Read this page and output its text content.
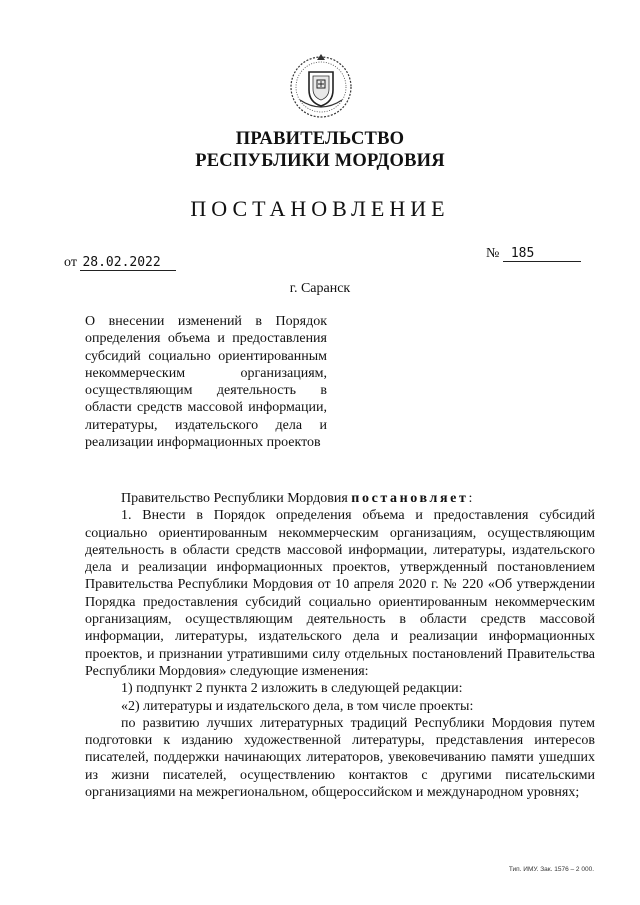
ПРАВИТЕЛЬСТВО
РЕСПУБЛИКИ МОРДОВИЯ
ПОСТАНОВЛЕНИЕ
от 28.02.2022
№ 185
г. Саранск
О внесении изменений в Порядок определения объема и предоставления субсидий социально ориентированным некоммерческим организациям, осуществляющим деятельность в области средств массовой информации, литературы, издательского дела и реализации информационных проектов

Правительство Республики Мордовия постановляет:

1. Внести в Порядок определения объема и предоставления субсидий социально ориентированным некоммерческим организациям, осуществляющим деятельность в области средств массовой информации, литературы, издательского дела и реализации информационных проектов, утвержденный постановлением Правительства Республики Мордовия от 10 апреля 2020 г. № 220 «Об утверждении Порядка предоставления субсидий социально ориентированным некоммерческим организациям, осуществляющим деятельность в области средств массовой информации, литературы, издательского дела и реализации информационных проектов, и признании утратившими силу отдельных постановлений Правительства Республики Мордовия» следующие изменения:

1) подпункт 2 пункта 2 изложить в следующей редакции:

«2) литературы и издательского дела, в том числе проекты:

по развитию лучших литературных традиций Республики Мордовия путем подготовки к изданию художественной литературы, представления интересов писателей, поддержки начинающих литераторов, увековечиванию памяти ушедших из жизни писателей, осуществлению контактов с другими писательскими организациями на межрегиональном, общероссийском и международном уровнях;

Тип. ИМУ. Зак. 1576 – 2 000.
